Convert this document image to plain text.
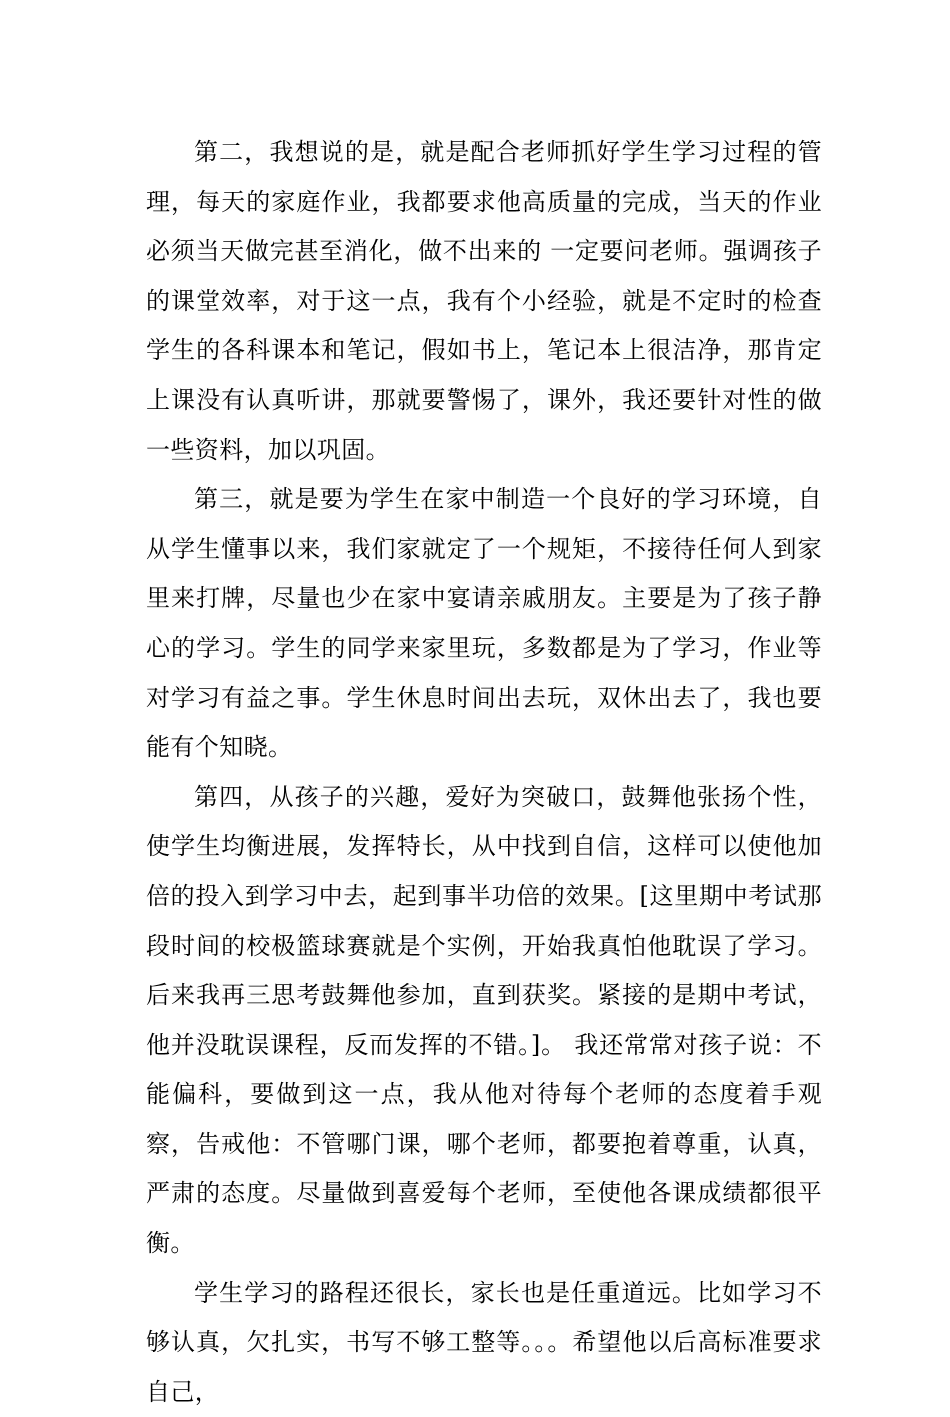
第二，我想说的是，就是配合老师抓好学生学习过程的管理，每天的家庭作业，我都要求他高质量的完成，当天的作业必须当天做完甚至消化，做不出来的 一定要问老师。强调孩子的课堂效率，对于这一点，我有个小经验，就是不定时的检查学生的各科课本和笔记，假如书上，笔记本上很洁净，那肯定上课没有认真听讲，那就要警惕了，课外，我还要针对性的做一些资料，加以巩固。

第三，就是要为学生在家中制造一个良好的学习环境，自从学生懂事以来，我们家就定了一个规矩，不接待任何人到家里来打牌，尽量也少在家中宴请亲戚朋友。主要是为了孩子静心的学习。学生的同学来家里玩，多数都是为了学习，作业等对学习有益之事。学生休息时间出去玩，双休出去了，我也要能有个知晓。

第四，从孩子的兴趣，爱好为突破口，鼓舞他张扬个性，使学生均衡进展，发挥特长，从中找到自信，这样可以使他加倍的投入到学习中去，起到事半功倍的效果。[这里期中考试那段时间的校极篮球赛就是个实例，开始我真怕他耽误了学习。后来我再三思考鼓舞他参加，直到获奖。紧接的是期中考试，他并没耽误课程，反而发挥的不错。]。 我还常常对孩子说：不能偏科，要做到这一点，我从他对待每个老师的态度着手观察，告戒他：不管哪门课，哪个老师，都要抱着尊重，认真，严肃的态度。尽量做到喜爱每个老师，至使他各课成绩都很平衡。

学生学习的路程还很长，家长也是任重道远。比如学习不够认真，欠扎实，书写不够工整等。。。希望他以后高标准要求自己，
